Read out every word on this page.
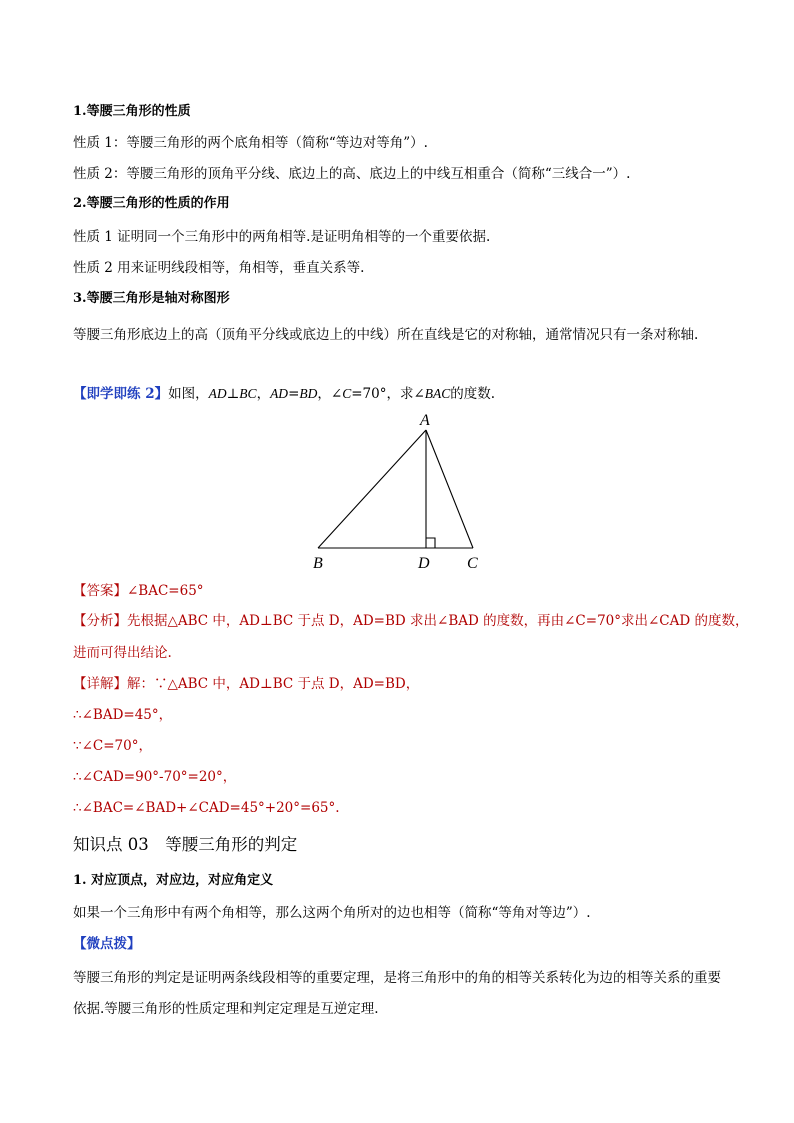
1.等腰三角形的性质
性质 1：等腰三角形的两个底角相等（简称“等边对等角”）.
性质 2：等腰三角形的顶角平分线、底边上的高、底边上的中线互相重合（简称“三线合一”）.
2.等腰三角形的性质的作用
性质 1 证明同一个三角形中的两角相等.是证明角相等的一个重要依据.
性质 2 用来证明线段相等，角相等，垂直关系等.
3.等腰三角形是轴对称图形
等腰三角形底边上的高（顶角平分线或底边上的中线）所在直线是它的对称轴，通常情况只有一条对称轴.
【即学即练 2】如图，AD⊥BC，AD=BD，∠C=70°，求∠BAC的度数.
A
B	D C
【答案】∠BAC=65°
【分析】先根据△ABC 中，AD⊥BC 于点 D，AD=BD 求出∠BAD 的度数，再由∠C=70°求出∠CAD 的度数，
进而可得出结论.
【详解】解：∵△ABC 中，AD⊥BC 于点 D，AD=BD，
∴∠BAD=45°，
∵∠C=70°，
∴∠CAD=90°-70°=20°，
∴∠BAC=∠BAD+∠CAD=45°+20°=65°.
知识点 03　等腰三角形的判定
1. 对应顶点，对应边，对应角定义
如果一个三角形中有两个角相等，那么这两个角所对的边也相等（简称“等角对等边”）.
【微点拨】
等腰三角形的判定是证明两条线段相等的重要定理，是将三角形中的角的相等关系转化为边的相等关系的重要依据.等腰三角形的性质定理和判定定理是互逆定理.
